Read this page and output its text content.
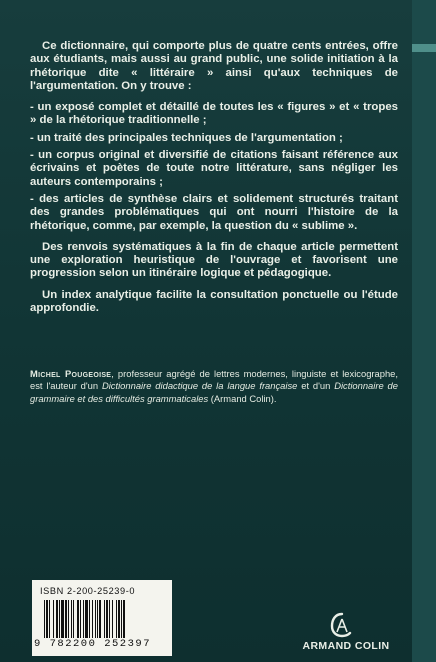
Ce dictionnaire, qui comporte plus de quatre cents entrées, offre aux étudiants, mais aussi au grand public, une solide initiation à la rhétorique dite « littéraire » ainsi qu'aux techniques de l'argumentation. On y trouve :

- un exposé complet et détaillé de toutes les « figures » et « tropes » de la rhétorique traditionnelle ;

- un traité des principales techniques de l'argumentation ;

- un corpus original et diversifié de citations faisant référence aux écrivains et poètes de toute notre littérature, sans négliger les auteurs contemporains ;

- des articles de synthèse clairs et solidement structurés traitant des grandes problématiques qui ont nourri l'histoire de la rhétorique, comme, par exemple, la question du « sublime ».

Des renvois systématiques à la fin de chaque article permettent une exploration heuristique de l'ouvrage et favorisent une progression selon un itinéraire logique et pédagogique.

Un index analytique facilite la consultation ponctuelle ou l'étude approfondie.

Michel Pougeoise, professeur agrégé de lettres modernes, linguiste et lexicographe, est l'auteur d'un Dictionnaire didactique de la langue française et d'un Dictionnaire de grammaire et des difficultés grammaticales (Armand Colin).
ISBN 2-200-25239-0
9 782200 252397	ARMAND COLIN
